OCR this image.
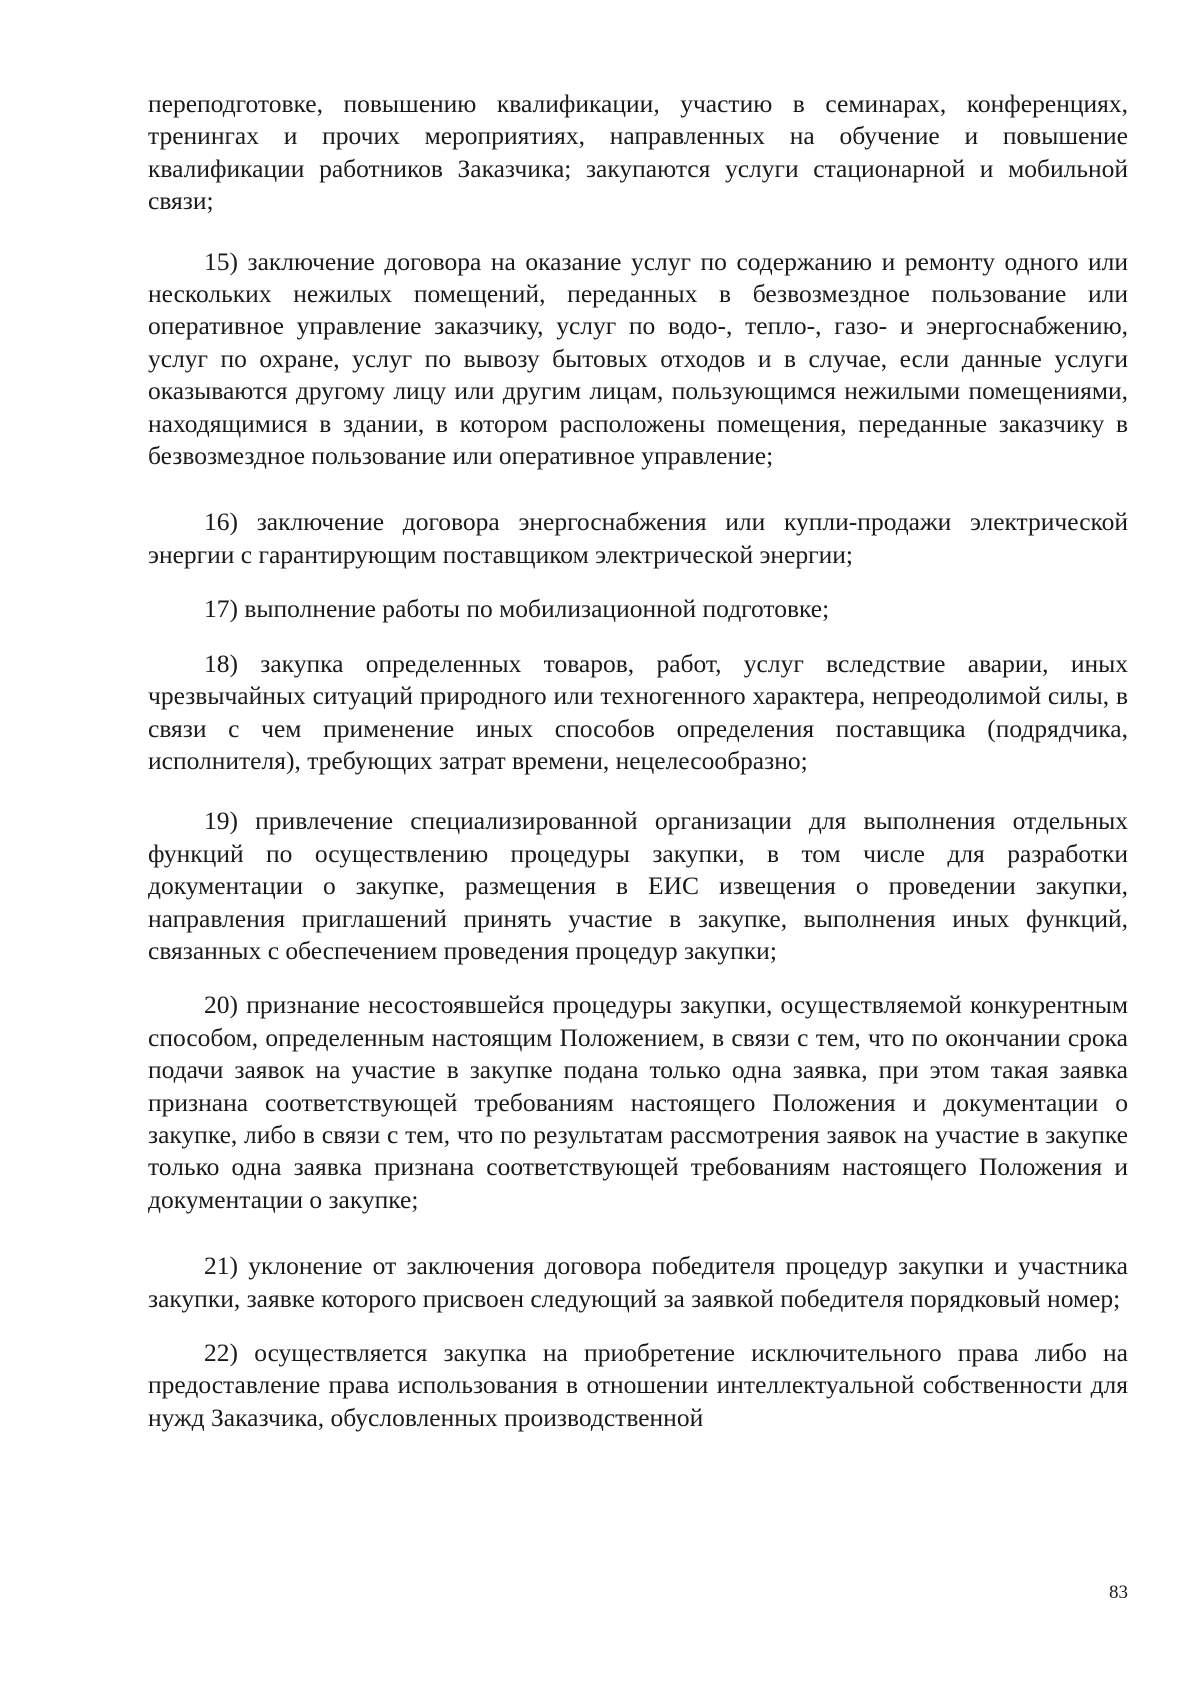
переподготовке, повышению квалификации, участию в семинарах, конференциях, тренингах и прочих мероприятиях, направленных на обучение и повышение квалификации работников Заказчика; закупаются услуги стационарной и мобильной связи;

15) заключение договора на оказание услуг по содержанию и ремонту одного или нескольких нежилых помещений, переданных в безвозмездное пользование или оперативное управление заказчику, услуг по водо-, тепло-, газо- и энергоснабжению, услуг по охране, услуг по вывозу бытовых отходов и в случае, если данные услуги оказываются другому лицу или другим лицам, пользующимся нежилыми помещениями, находящимися в здании, в котором расположены помещения, переданные заказчику в безвозмездное пользование или оперативное управление;

16) заключение договора энергоснабжения или купли-продажи электрической энергии с гарантирующим поставщиком электрической энергии;

17) выполнение работы по мобилизационной подготовке;

18) закупка определенных товаров, работ, услуг вследствие аварии, иных чрезвычайных ситуаций природного или техногенного характера, непреодолимой силы, в связи с чем применение иных способов определения поставщика (подрядчика, исполнителя), требующих затрат времени, нецелесообразно;

19) привлечение специализированной организации для выполнения отдельных функций по осуществлению процедуры закупки, в том числе для разработки документации о закупке, размещения в ЕИС извещения о проведении закупки, направления приглашений принять участие в закупке, выполнения иных функций, связанных с обеспечением проведения процедур закупки;

20) признание несостоявшейся процедуры закупки, осуществляемой конкурентным способом, определенным настоящим Положением, в связи с тем, что по окончании срока подачи заявок на участие в закупке подана только одна заявка, при этом такая заявка признана соответствующей требованиям настоящего Положения и документации о закупке, либо в связи с тем, что по результатам рассмотрения заявок на участие в закупке только одна заявка признана соответствующей требованиям настоящего Положения и документации о закупке;

21) уклонение от заключения договора победителя процедур закупки и участника закупки, заявке которого присвоен следующий за заявкой победителя порядковый номер;

22) осуществляется закупка на приобретение исключительного права либо на предоставление права использования в отношении интеллектуальной собственности для нужд Заказчика, обусловленных производственной

83
